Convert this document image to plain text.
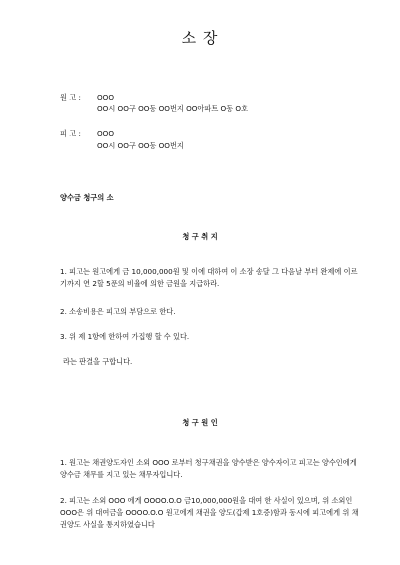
소 장
원 고 : OOO
OO시 OO구 OO동 OO번지 OO아파트 O동 O호
피 고 : OOO
OO시 OO구 OO동 OO번지
양수금 청구의 소
청 구 취 지
1. 피고는 원고에게 금 10,000,000원 및 이에 대하여 이 소장 송달 그 다음날 부터 완제에 이르기까지 연 2할 5푼의 비율에 의한 금원을 지급하라.
2. 소송비용은 피고의 부담으로 한다.
3. 위 제 1항에 한하여 가집행 할 수 있다.
라는 판결을 구합니다.
청 구 원 인
1. 원고는 채권양도자인 소외 OOO 로부터 청구채권을 양수받은 양수자이고 피고는 양수인에게 양수금 채무를 지고 있는 채무자입니다.
2. 피고는 소외 OOO 에게 OOOO.O.O 금10,000,000원을 대여 한 사실이 있으며, 위 소외인 OOO은 위 대여금을 OOOO.O.O 원고에게 채권을 양도(갑제 1호증)함과 동시에 피고에게 위 채권양도 사실을 통지하였습니다
